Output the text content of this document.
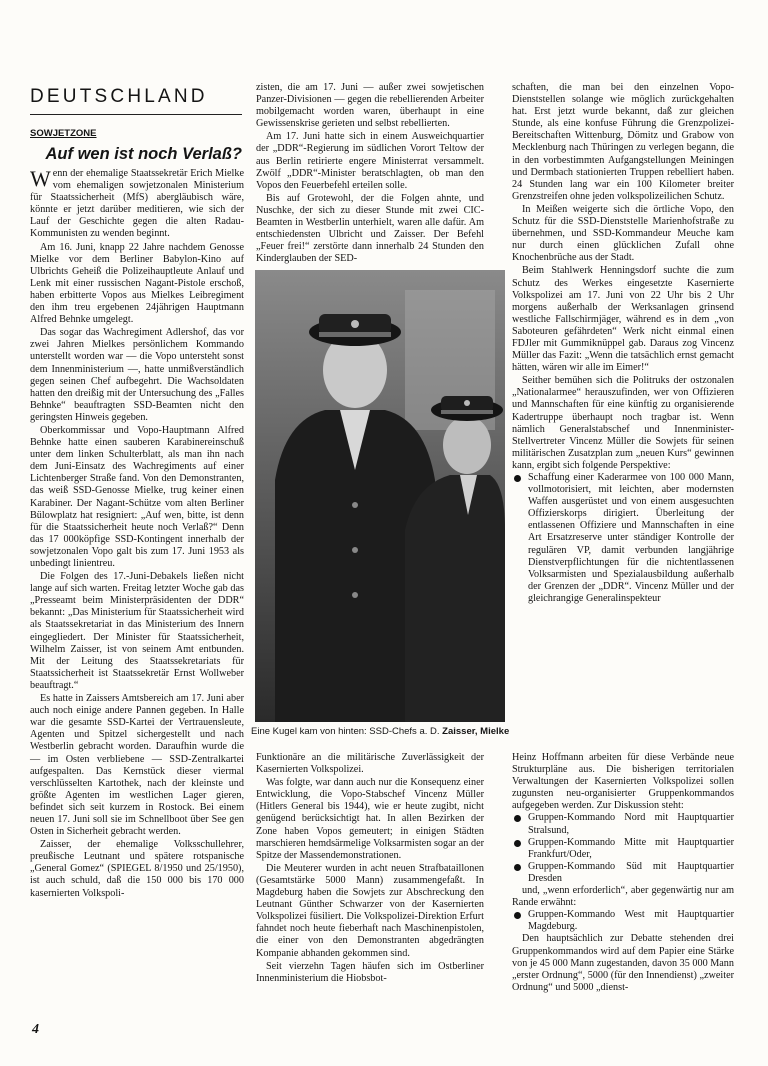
DEUTSCHLAND
SOWJETZONE
Auf wen ist noch Verlaß?

Wenn der ehemalige Staatssekretär Erich Mielke vom ehemaligen sowjetzonalen Ministerium für Staatssicherheit (MfS) abergläubisch wäre, könnte er jetzt darüber meditieren, wie sich der Lauf der Geschichte gegen die alten Radau-Kommunisten zu wenden beginnt.

Am 16. Juni, knapp 22 Jahre nachdem Genosse Mielke vor dem Berliner Babylon-Kino auf Ulbrichts Geheiß die Polizeihauptleute Anlauf und Lenk mit einer russischen Nagant-Pistole erschoß, haben erbitterte Vopos aus Mielkes Leibregiment den ihm treu ergebenen 24jährigen Hauptmann Alfred Behnke umgelegt.

Das sogar das Wachregiment Adlershof, das vor zwei Jahren Mielkes persönlichem Kommando unterstellt worden war — die Vopo untersteht sonst dem Innenministerium —, hatte unmißverständlich gegen seinen Chef aufbegehrt. Die Wachsoldaten hatten den dreißig mit der Untersuchung des „Falles Behnke“ beauftragten SSD-Beamten nicht den geringsten Hinweis gegeben.

Oberkommissar und Vopo-Hauptmann Alfred Behnke hatte einen sauberen Karabinereinschuß unter dem linken Schulterblatt, als man ihn nach dem Juni-Einsatz des Wachregiments auf einer Lichtenberger Straße fand. Von den Demonstranten, das weiß SSD-Genosse Mielke, trug keiner einen Karabiner. Der Nagant-Schütze vom alten Berliner Bülowplatz hat resigniert: „Auf wen, bitte, ist denn für die Staatssicherheit heute noch Verlaß?“ Denn das 17 000köpfige SSD-Kontingent innerhalb der sowjetzonalen Vopo galt bis zum 17. Juni 1953 als unbedingt linientreu.

Die Folgen des 17.-Juni-Debakels ließen nicht lange auf sich warten. Freitag letzter Woche gab das „Presseamt beim Ministerpräsidenten der DDR“ bekannt: „Das Ministerium für Staatssicherheit wird als Staatssekretariat in das Ministerium des Innern eingegliedert. Der Minister für Staatssicherheit, Wilhelm Zaisser, ist von seinem Amt entbunden. Mit der Leitung des Staatssekretariats für Staatssicherheit ist Staatssekretär Ernst Wollweber beauftragt.“

Es hatte in Zaissers Amtsbereich am 17. Juni aber auch noch einige andere Pannen gegeben. In Halle war die gesamte SSD-Kartei der Vertrauensleute, Agenten und Spitzel sichergestellt und nach Westberlin gebracht worden. Daraufhin wurde die — im Osten verbliebene — SSD-Zentralkartei aufgespalten. Das Kernstück dieser viermal verschlüsselten Kartothek, nach der kleinste und größte Agenten im westlichen Lager gieren, befindet sich seit kurzem in Rostock. Bei einem neuen 17. Juni soll sie im Schnellboot über See gen Osten in Sicherheit gebracht werden.

Zaisser, der ehemalige Volksschullehrer, preußische Leutnant und spätere rotspanische „General Gomez“ (SPIEGEL 8/1950 und 25/1950), ist auch schuld, daß die 150 000 bis 170 000 kasernierten Volkspoli-

zisten, die am 17. Juni — außer zwei sowjetischen Panzer-Divisionen — gegen die rebellierenden Arbeiter mobilgemacht worden waren, überhaupt in eine Gewissenskrise gerieten und selbst rebellierten.

Am 17. Juni hatte sich in einem Ausweichquartier der „DDR“-Regierung im südlichen Vorort Teltow der aus Berlin retirierte engere Ministerrat versammelt. Zwölf „DDR“-Minister beratschlagten, ob man den Vopos den Feuerbefehl erteilen solle.

Bis auf Grotewohl, der die Folgen ahnte, und Nuschke, der sich zu dieser Stunde mit zwei CIC-Beamten in Westberlin unterhielt, waren alle dafür. Am entschiedensten Ulbricht und Zaisser. Der Befehl „Feuer frei!“ zerstörte dann innerhalb 24 Stunden den Kinderglauben der SED-

Eine Kugel kam von hinten: SSD-Chefs a. D. Zaisser, Mielke

Funktionäre an die militärische Zuverlässigkeit der Kasernierten Volkspolizei.

Was folgte, war dann auch nur die Konsequenz einer Entwicklung, die Vopo-Stabschef Vincenz Müller (Hitlers General bis 1944), wie er heute zugibt, nicht genügend berücksichtigt hat. In allen Bezirken der Zone haben Vopos gemeutert; in einigen Städten marschieren hemdsärmelige Volksarmisten sogar an der Spitze der Massendemonstrationen.

Die Meuterer wurden in acht neuen Strafbataillonen (Gesamtstärke 5000 Mann) zusammengefaßt. In Magdeburg haben die Sowjets zur Abschreckung den Leutnant Günther Schwarzer von der Kasernierten Volkspolizei füsiliert. Die Volkspolizei-Direktion Erfurt fahndet noch heute fieberhaft nach Maschinenpistolen, die einer von den Demonstranten abgedrängten Kompanie abhanden gekommen sind.

Seit vierzehn Tagen häufen sich im Ostberliner Innenministerium die Hiobsbot-

schaften, die man bei den einzelnen Vopo-Dienststellen solange wie möglich zurückgehalten hat. Erst jetzt wurde bekannt, daß zur gleichen Stunde, als eine konfuse Führung die Grenzpolizei-Bereitschaften Wittenburg, Dömitz und Grabow von Mecklenburg nach Thüringen zu verlegen begann, die in den vorbestimmten Aufgangstellungen Meiningen und Dermbach stationierten Truppen rebelliert haben. 24 Stunden lang war ein 100 Kilometer breiter Grenzstreifen ohne jeden volkspolizeilichen Schutz.

In Meißen weigerte sich die örtliche Vopo, den Schutz für die SSD-Dienststelle Marienhofstraße zu übernehmen, und SSD-Kommandeur Meuche kam nur durch einen glücklichen Zufall ohne Knochenbrüche aus der Stadt.

Beim Stahlwerk Henningsdorf suchte die zum Schutz des Werkes eingesetzte Kasernierte Volkspolizei am 17. Juni von 22 Uhr bis 2 Uhr morgens außerhalb der Werksanlagen grinsend westliche Fallschirmjäger, während es in dem „von Saboteuren gefährdeten“ Werk nicht einmal einen FDJler mit Gummiknüppel gab. Daraus zog Vincenz Müller das Fazit: „Wenn die tatsächlich ernst gemacht hätten, wären wir alle im Eimer!“

Seither bemühen sich die Politruks der ostzonalen „Nationalarmee“ herauszufinden, wer von Offizieren und Mannschaften für eine künftig zu organisierende Kadertruppe überhaupt noch tragbar ist. Wenn nämlich Generalstabschef und Innenminister-Stellvertreter Vincenz Müller die Sowjets für seinen militärischen Zusatzplan zum „neuen Kurs“ gewinnen kann, ergibt sich folgende Perspektive:

Schaffung einer Kaderarmee von 100 000 Mann, vollmotorisiert, mit leichten, aber modernsten Waffen ausgerüstet und von einem ausgesuchten Offizierskorps dirigiert. Überleitung der entlassenen Offiziere und Mannschaften in eine Art Ersatzreserve unter ständiger Kontrolle der regulären VP, damit verbunden langjährige Dienstverpflichtungen für die nichtentlassenen Volksarmisten und Spezialausbildung außerhalb der Grenzen der „DDR“. Vincenz Müller und der gleichrangige Generalinspekteur

Heinz Hoffmann arbeiten für diese Verbände neue Strukturpläne aus. Die bisherigen territorialen Verwaltungen der Kasernierten Volkspolizei sollen zugunsten neu-organisierter Gruppenkommandos aufgegeben werden. Zur Diskussion steht:

Gruppen-Kommando Nord mit Hauptquartier Stralsund,
Gruppen-Kommando Mitte mit Hauptquartier Frankfurt/Oder,
Gruppen-Kommando Süd mit Hauptquartier Dresden

und, „wenn erforderlich“, aber gegenwärtig nur am Rande erwähnt:

Gruppen-Kommando West mit Hauptquartier Magdeburg.

Den hauptsächlich zur Debatte stehenden drei Gruppenkommandos wird auf dem Papier eine Stärke von je 45 000 Mann zugestanden, davon 35 000 Mann „erster Ordnung“, 5000 (für den Innendienst) „zweiter Ordnung“ und 5000 „dienst-

4
